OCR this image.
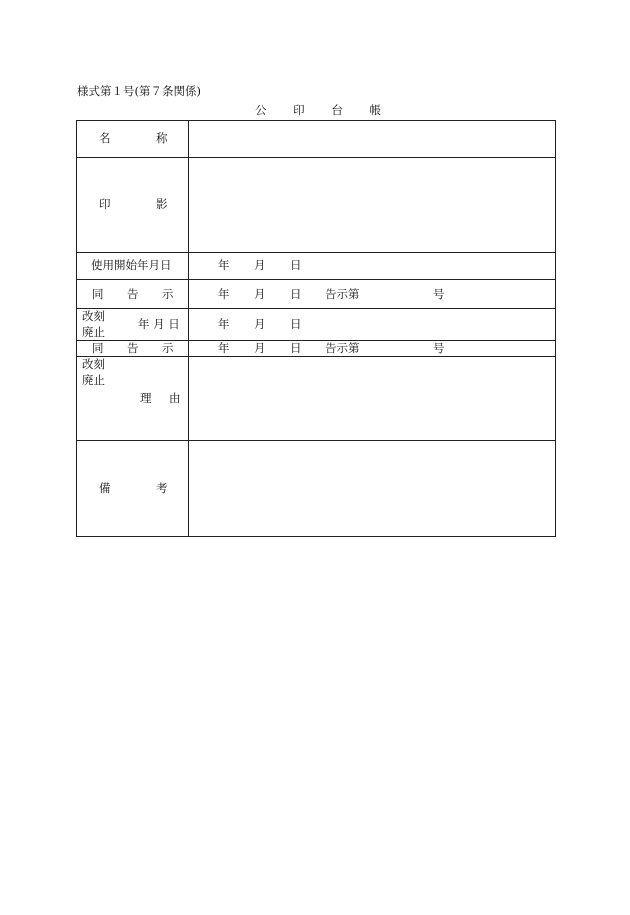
様式第１号(第７条関係)
公 印 台 帳
名	称
印	影
使用開始年月日	年 月 日
同 告 示	年 月 日 告示第	号
改刻
廃止
年 月 日	年 月 日
同 告 示	年 月 日 告示第	号
改刻
廃止
理 由
備	考
